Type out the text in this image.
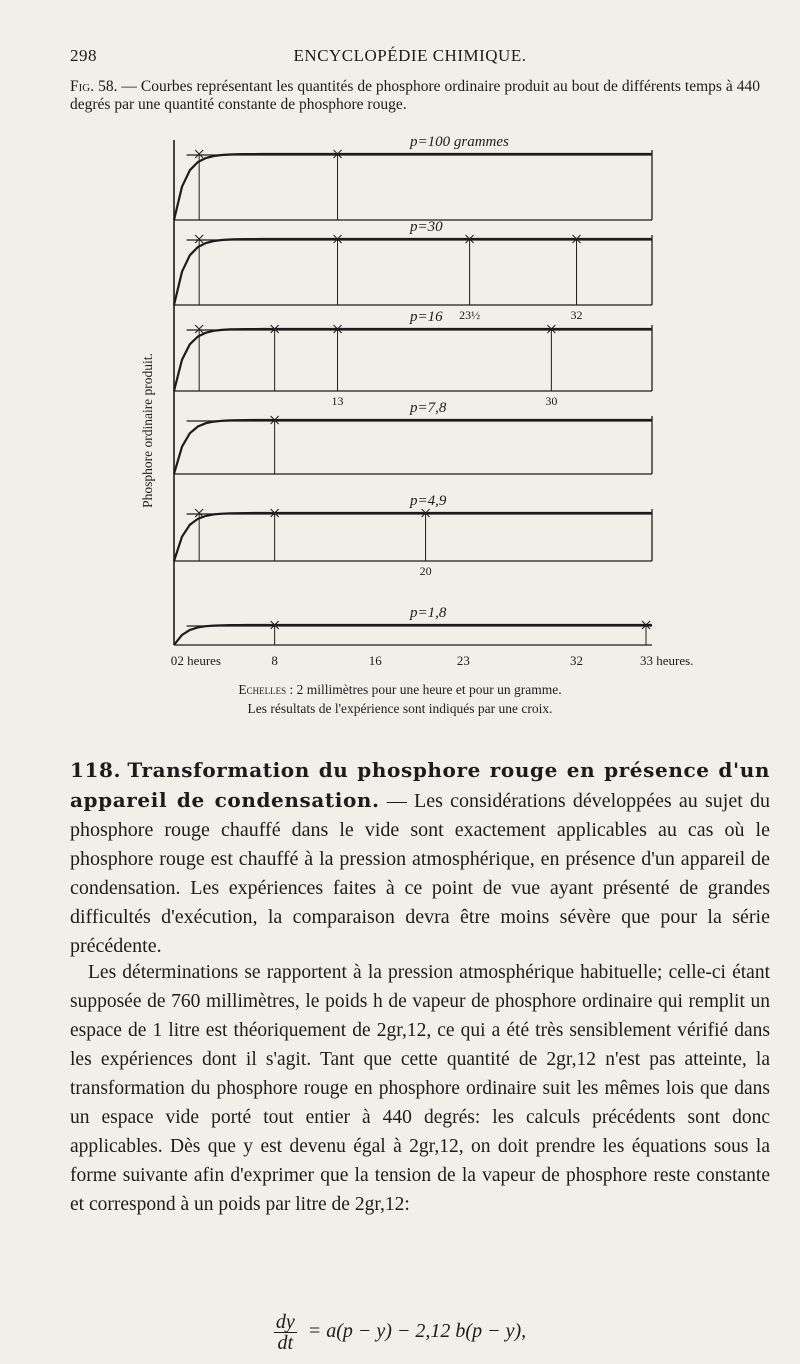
298	ENCYCLOPÉDIE CHIMIQUE.
Fig. 58. — Courbes représentant les quantités de phosphore ordinaire produit au bout de différents temps à 440 degrés par une quantité constante de phosphore rouge.
Phosphore ordinaire produit.
p=100 grammes
p=30
23½	32
p=16
13	30
p=7,8
p=4,9
20
p=1,8
0 2 heures	8	16	23	32	33 heures.
Echelles : 2 millimètres pour une heure et pour un gramme.
Les résultats de l'expérience sont indiqués par une croix.
118. Transformation du phosphore rouge en présence d'un appareil de condensation. — Les considérations développées au sujet du phosphore rouge chauffé dans le vide sont exactement applicables au cas où le phosphore rouge est chauffé à la pression atmosphérique, en présence d'un appareil de condensation. Les expériences faites à ce point de vue ayant présenté de grandes difficultés d'exécution, la comparaison devra être moins sévère que pour la série précédente.

Les déterminations se rapportent à la pression atmosphérique habituelle; celle-ci étant supposée de 760 millimètres, le poids h de vapeur de phosphore ordinaire qui remplit un espace de 1 litre est théoriquement de 2gr,12, ce qui a été très sensiblement vérifié dans les expériences dont il s'agit. Tant que cette quantité de 2gr,12 n'est pas atteinte, la transformation du phosphore rouge en phosphore ordinaire suit les mêmes lois que dans un espace vide porté tout entier à 440 degrés: les calculs précédents sont donc applicables. Dès que y est devenu égal à 2gr,12, on doit prendre les équations sous la forme suivante afin d'exprimer que la tension de la vapeur de phosphore reste constante et correspond à un poids par litre de 2gr,12:

$\frac{dy}{dt} = a(p - y) - 2,12$ b(p − y),
